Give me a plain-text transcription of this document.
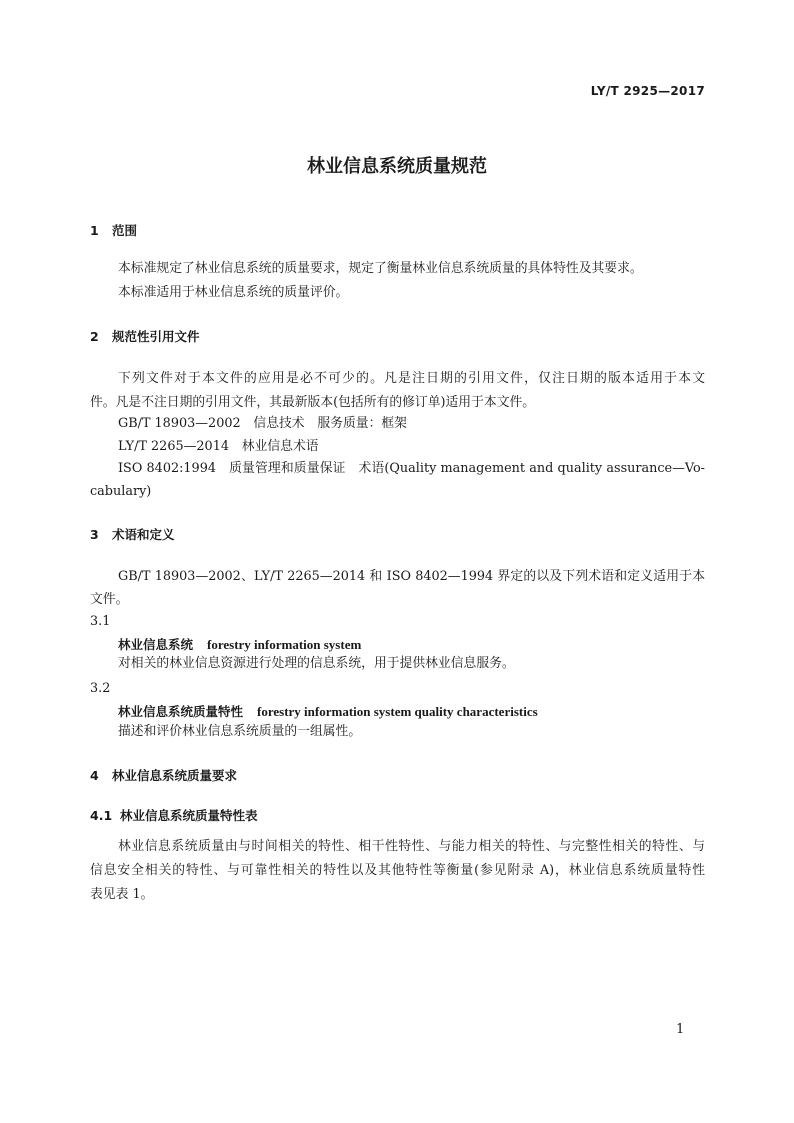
LY/T 2925—2017
林业信息系统质量规范
1 范围
本标准规定了林业信息系统的质量要求，规定了衡量林业信息系统质量的具体特性及其要求。
本标准适用于林业信息系统的质量评价。
2 规范性引用文件
下列文件对于本文件的应用是必不可少的。凡是注日期的引用文件，仅注日期的版本适用于本文
件。凡是不注日期的引用文件，其最新版本(包括所有的修订单)适用于本文件。
GB/T 18903—2002　信息技术　服务质量：框架
LY/T 2265—2014　林业信息术语
ISO 8402:1994　质量管理和质量保证　术语(Quality management and quality assurance—Vo-
cabulary)
3 术语和定义
GB/T 18903—2002、LY/T 2265—2014 和 ISO 8402—1994 界定的以及下列术语和定义适用于本
文件。
3.1
林业信息系统 forestry information system
对相关的林业信息资源进行处理的信息系统，用于提供林业信息服务。
3.2
林业信息系统质量特性 forestry information system quality characteristics
描述和评价林业信息系统质量的一组属性。
4 林业信息系统质量要求
4.1 林业信息系统质量特性表
林业信息系统质量由与时间相关的特性、相干性特性、与能力相关的特性、与完整性相关的特性、与
信息安全相关的特性、与可靠性相关的特性以及其他特性等衡量(参见附录 A)，林业信息系统质量特性
表见表 1。
1
